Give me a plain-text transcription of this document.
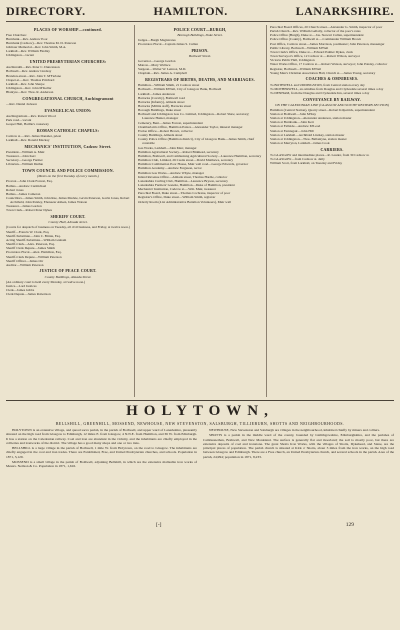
DIRECTORY.	HAMILTON.	LANARKSHIRE.
PLACES OF WORSHIP—continued.
Free Churches:
Burnbank—Rev. Andrew Poor
Burnbank (Cadzow)—Rev. Thomas M. D. Paterson
Gilmour Memorial—Rev. John Smith, M.A.
Larkhall—Rev. William Findlay
Uddingston—vacant
UNITED PRESBYTERIAN CHURCHES:
Auchinraith—Rev. Peter C. Duncanson
Bothwell—Rev. Andrew Lindsay
Brandon-street—Rev. John T. M'Farlane
Chapel-st.—Rev. Thomas Pritchard
Larkhall—Rev. John Sharpe
Uddingston—Rev. John M'Kellar
Blantyre—Rev. Thos. R. Anderson
CONGREGATIONAL CHURCH, Auchingramont
—Rev. Daniel Jackson
EVANGELICAL UNION:
Auchingramont—Rev. Robert Wood
Park road—vacant
Gospel Hall, Baillie's causeway
ROMAN CATHOLIC CHAPELS:
Cadzow st.—Rev. James Danaher, priest
Larkhall—Rev. Donald Mackay
MECHANICS' INSTITUTION, Cadzow Street.
President—William A. Muir
Treasurer—John Kerr
Secretary—George Farmer
Librarian—William Duthie
TOWN COUNCIL AND POLICE COMMISSION.
(Meets on the first Tuesday of every month.)
Provost—John Clark Forrest, Esq.
Bailies—Andrew Carmichael
Robert Jones
Bailies—James Cameron
Councillors—James Smith, John Rae, James Mackie, Gavin Paterson, Gavin Jones, Robert Archibald, John Paisley, Ebenezer Aitken, James Watson
Treasurer—James Gordon
Town Clerk—Robert Peter Dykes
SHERIFF COURT.
County Hall, Almada street.
(Courts for despatch of business on Tuesday, all civil business, and Friday, at twelve noon.)
Sheriff—Francis W. Clark, Esq.
Sheriff-Substitute—John C. Birnie, Esq.
Acting Sheriff-Substitute—William Graham
Sheriff-Clerk—Alex. Paterson, Esq.
Sheriff Clerk Depute—James Smith
Procurator-Fiscal—Alex. Hamilton, Esq.
Sheriff-Clerk Depute—William Paterson
Sheriff Officer—James Orr
Auditor—William Paterson
JUSTICE OF PEACE COURT.
County Buildings, Almada Street.
(An ordinary court is held every Monday, at twelve noon.)
Justice—Lord Justices
Clerk—James Gibbs
Clerk Depute—James Robertson
POLICE COURT—BURGH,
Borough Buildings, Duke Street.
Judges—Burgh Magistrates
Procurator-Fiscal—Captain James S. Cullen
PRISON.
Bothwell Street.
Governor—George Gordon
Matron—Mary Wallace
Surgeon—Walter W. Lennox, M.D.
Chaplain—Rev. James A. Campbell
REGISTRARS OF BIRTHS, DEATHS, AND MARRIAGES.
Hamilton—William Smith, 21 Cadzow street
Bothwell—William M'Neil, City of Glasgow Bank, Bothwell
Larkhall—James Anderson
Barracks (Cavalry), Bothwell road
Barracks (Infantry), Almada street
Barracks (Militia staff), Barracks street
Borough Buildings, Duke street
Bothwell and Uddingston Gas Co. Limited, Uddingston—Robert Shaw, secretary; Laurence Hunter, manager
Cemetery, Bent—James Forrest, superintendent
Chamberlain's Office, Hamilton Palace—Alexander Taylor, mineral manager
Excise Office—Robert Brown, collector
County Buildings, Almada street
County Police Office (Hamilton district), City of Glasgow Bank—James Smith, chief constable
Gas Works, Larkhall—John Marr, manager
Hamilton Agricultural Society—Robert Birkhead, secretary
Hamilton, Bothwell, and Cambuslang Agricultural Society—Laurence Hamilton, secretary
Hamilton Club, Limited, 26 Castle street—David Matthews, secretary
Hamilton Combination Poor House, Muir wall road—George Edwards, governor
Hamilton Academy—Andrew Ferguson, rector
Hamilton Gas Works—Andrew Whyte, manager
Inland Revenue Office—Almada street, Thomas Hardie, collector
Lanarkshire Curling Club, Hamilton—Laurence Bryson, secretary
Lanarkshire Farmers' Gazette, Hamilton—Duke of Hamilton, president
Mechanics' Institution, Cadzow st.—Wm. Muir, treasurer
Parochial Board, Duke street—Thomas Cochrane, inspector of poor
Registrar's Office, Duke street—William Smith, registrar
Orderly Room (41st Administrative Battalion Volunteers), Muir wall
Parochial Board Offices, 20 Church street—Alexander G. Smith, inspector of poor
Parish Church—Rev. William Gellatly, collector of the poor's rates
Police Office (Burgh), Duke st.—Jas. Stewart Cullen, superintendent
Police Office (County), Bothwell st.—Commander William Brown
Post Office, Cadzow street—James Morrison, postmaster; John Paterson, messenger
Public Library, Bothwell—William M'Neil
Town Clerk's Office, Duke st.—Edward Palmer Dykes, clerk
Town Surveyor's Office, 12 Cadzow st.—Robert Wilson, surveyor
Victoria Public Hall, Uddingston
Water Works Office, 17 Cadzow st.—Robert Watson, surveyor; John Paisley, collector
Registrar, Bothwell—William M'Neil
Young Men's Christian Association Hall, Church st.—James Young, secretary
COACHES & OMNIBUSES.
To BOTHWELL and UDDINGSTON, from Central station every day
To MOTHERWELL, an omnibus from Douglas and Clydesdale several times a day
To DENHAM, from the Douglas and Clydesdale Inn, several times a day
CONVEYANCE BY RAILWAY.
ON THE CALEDONIAN LINE (GLASGOW AND SOUTH WESTERN SECTION)
Hamilton (Central Station), Quarry street—Robert Kilpatrick, superintendent
Station at Bothwell—John M'Kay
Station at Uddingston—Alexander Anderson, station master
Station at Burnbank—John Kerr
Station at Fallside—Andrew M'Leod
Station at Ferniegair—John Hill
Station at Larkhall—Archibald Lindsay, station master
Station at Uddingston—Thos. Ballantyne, station master
Station at Merryton, Larkhall—James Cook
CARRIERS.
To GLASGOW and intermediate places—R. Lauder, from 30 Cadzow st.
To GLASGOW—from Cadzow st. daily
William Scott, from Larkhall, on Tuesday and Friday
HOLYTOWN,
BELLSHILL, GREENHILL, MOSSEND, NEWHOUSE, NEW STEVENSTON, SALSBURGH, TILLIEBURN, SHOTTS AND NEIGHBOURHOODS.

HOLYTOWN is an extensive village, and quoad sacra parish, in the parish of Bothwell, and upper ward of Lanarkshire, pleasantly situated on the high road from Glasgow to Edinburgh, 12 miles E. from Glasgow, 4 N.N.E. from Hamilton, and 36 W. from Edinburgh. It has a station on the Caledonian railway. Coal and iron are abundant in the vicinity, and the inhabitants are chiefly employed in the collieries and ironworks of the district. The village has a good many shops and one or two inns.

BELLSHILL is a large village in the parish of Bothwell, 1 mile W. from Holytown, on the road to Glasgow. The inhabitants are chiefly engaged in the coal and iron trades. There are Established, Free, and United Presbyterian churches, and schools. Population in 1871, 3,129.

MOSSEND is a small village in the parish of Bothwell, adjoining Bellshill, in which are the extensive malleable iron works of Messrs. Neilson & Co. Population in 1871, 1,616.

NEWHOUSE, New Stevenston and Salsburgh are villages in the neighbourhood, inhabited chiefly by miners and colliers.

SHOTTS is a parish in the middle ward of the county, bounded by Linlithgowshire, Edinburghshire, and the parishes of Cambusnethan, Bothwell, and New Monkland. The surface is generally flat and moorland; the soil is mostly poor, but there are extensive deposits of coal and ironstone. The great Shotts Iron Works, with the villages of Shotts, Dykehead, and Stane, are the principal places of population. The parish church is situated at Kirk o' Shotts, about 3 miles from the iron works, on the high road between Glasgow and Edinburgh. There are a Free church, an United Presbyterian church, and several schools in the parish. Area of the parish, 24,994; population in 1871, 8,233.

[-]	129
